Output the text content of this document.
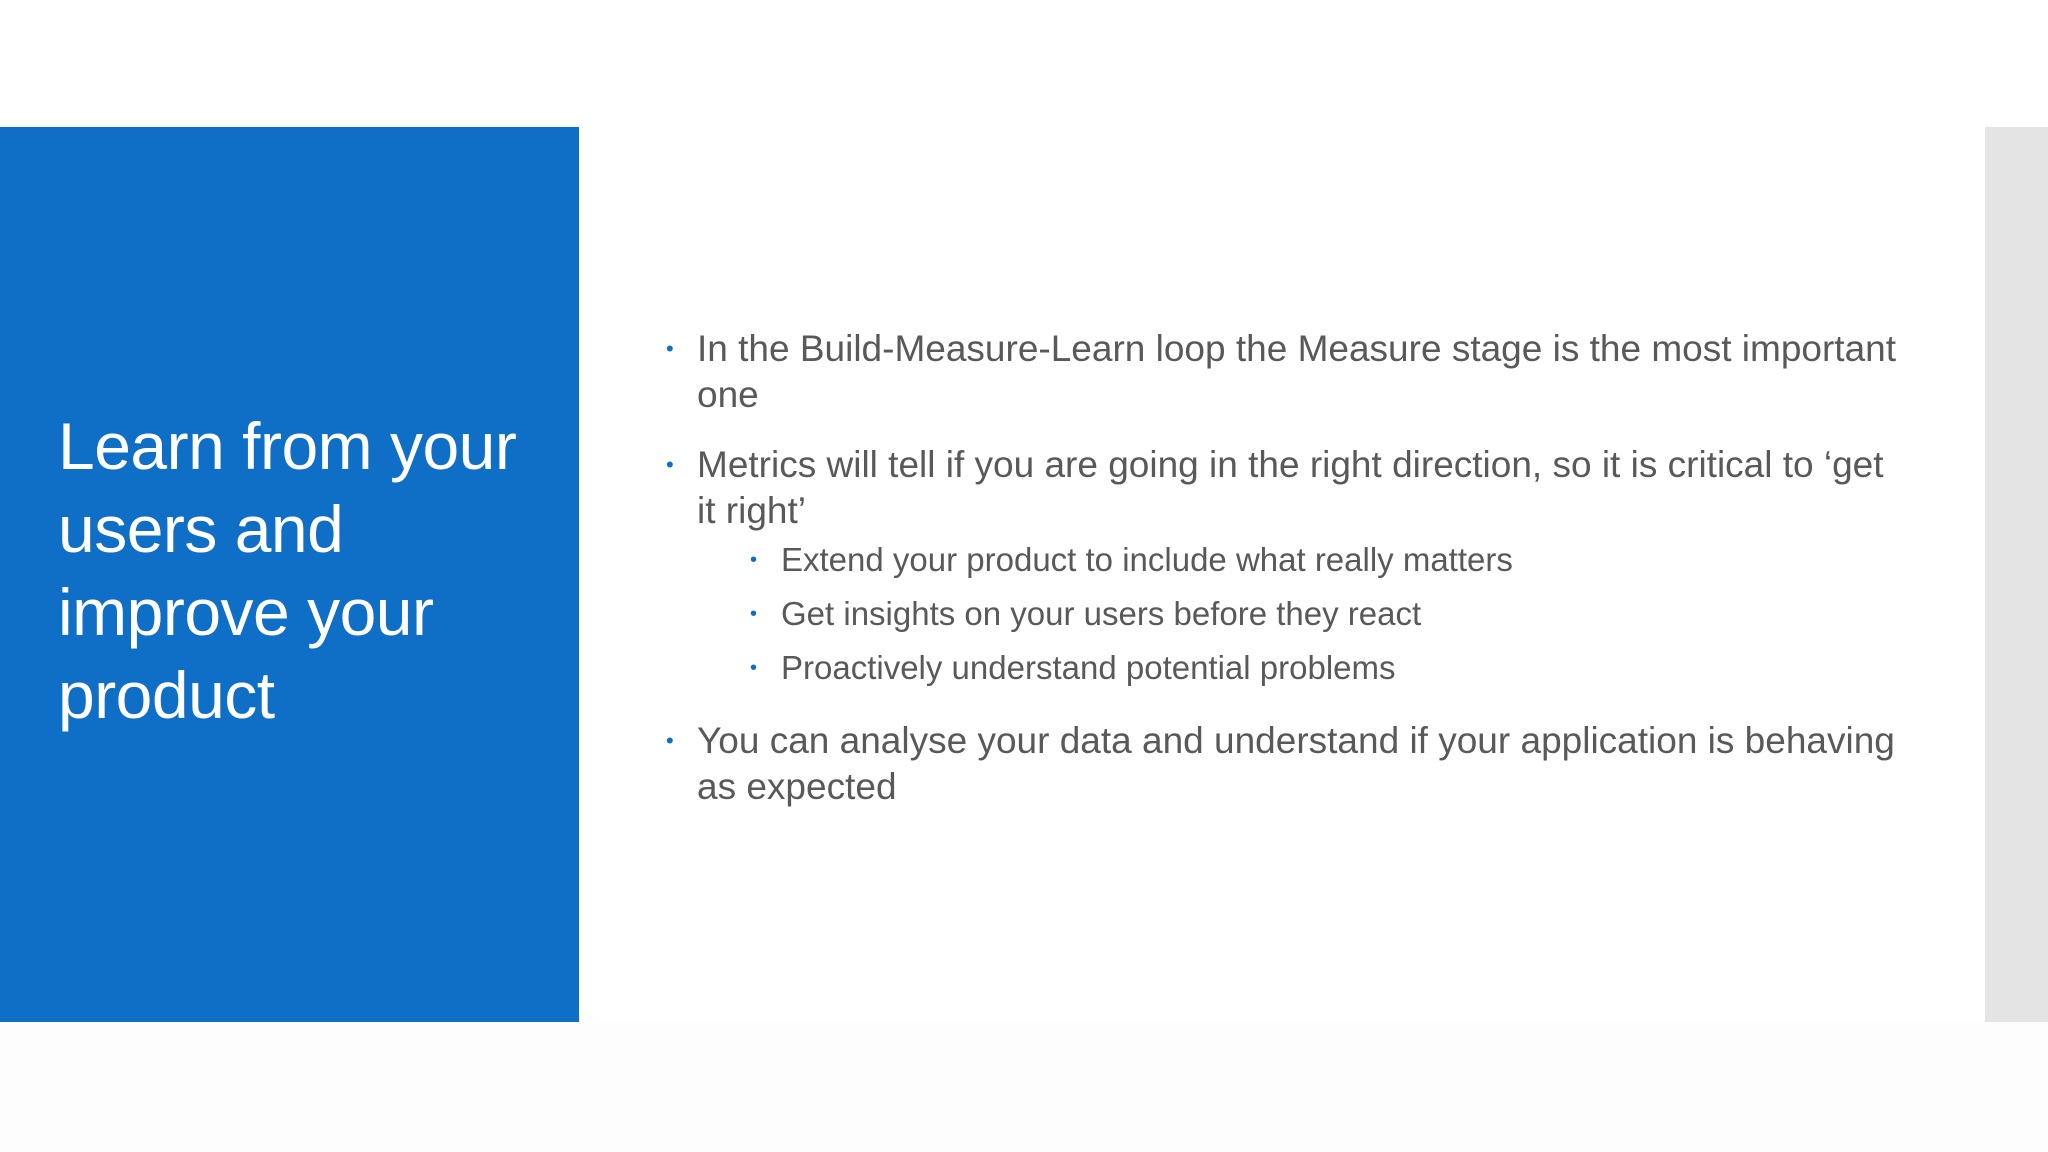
Learn from your users and improve your product
• In the Build-Measure-Learn loop the Measure stage is the most important one
• Metrics will tell if you are going in the right direction, so it is critical to ‘get it right’
• Extend your product to include what really matters
• Get insights on your users before they react
• Proactively understand potential problems
• You can analyse your data and understand if your application is behaving as expected
